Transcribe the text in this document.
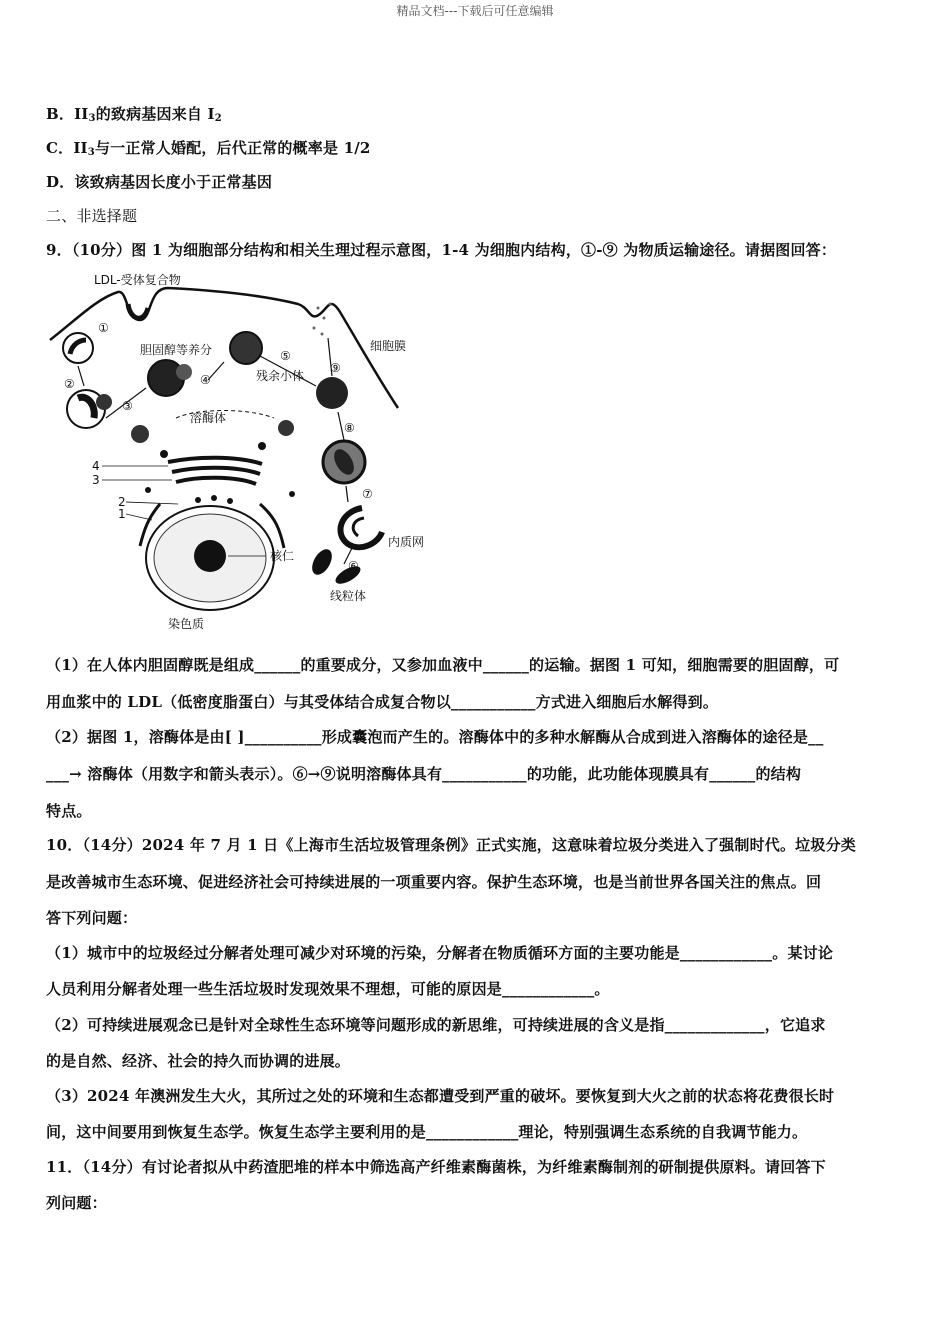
精品文档---下载后可任意编辑
B．$II_3$的致病基因来自 $I_2$
C．$II_3$与一正常人婚配，后代正常的概率是 1/2
D．该致病基因长度小于正常基因
二、非选择题
9．（10分）图 1 为细胞部分结构和相关生理过程示意图，1-4 为细胞内结构，①-⑨ 为物质运输途径。请据图回答：
①
②
③
④
⑤
⑥
⑦
⑧
⑨
4
3
2
1
LDL-受体复合物
胆固醇等养分	细胞膜
残余小体
溶酶体
核仁
内质网
线粒体
染色质
（1）在人体内胆固醇既是组成______的重要成分，又参加血液中______的运输。据图 1 可知，细胞需要的胆固醇，可
用血浆中的 LDL（低密度脂蛋白）与其受体结合成复合物以___________方式进入细胞后水解得到。
（2）据图 1，溶酶体是由[ ]__________形成囊泡而产生的。溶酶体中的多种水解酶从合成到进入溶酶体的途径是__
___→ 溶酶体（用数字和箭头表示）。⑥→⑨说明溶酶体具有___________的功能，此功能体现膜具有______的结构
特点。
10．（14分）2024 年 7 月 1 日《上海市生活垃圾管理条例》正式实施，这意味着垃圾分类进入了强制时代。垃圾分类
是改善城市生态环境、促进经济社会可持续进展的一项重要内容。保护生态环境，也是当前世界各国关注的焦点。回
答下列问题：
（1）城市中的垃圾经过分解者处理可减少对环境的污染，分解者在物质循环方面的主要功能是____________。某讨论
人员利用分解者处理一些生活垃圾时发现效果不理想，可能的原因是____________。
（2）可持续进展观念已是针对全球性生态环境等问题形成的新思维，可持续进展的含义是指_____________，它追求
的是自然、经济、社会的持久而协调的进展。
（3）2024 年澳洲发生大火，其所过之处的环境和生态都遭受到严重的破坏。要恢复到大火之前的状态将花费很长时
间，这中间要用到恢复生态学。恢复生态学主要利用的是____________理论，特别强调生态系统的自我调节能力。
11．（14分）有讨论者拟从中药渣肥堆的样本中筛选高产纤维素酶菌株，为纤维素酶制剂的研制提供原料。请回答下
列问题：
